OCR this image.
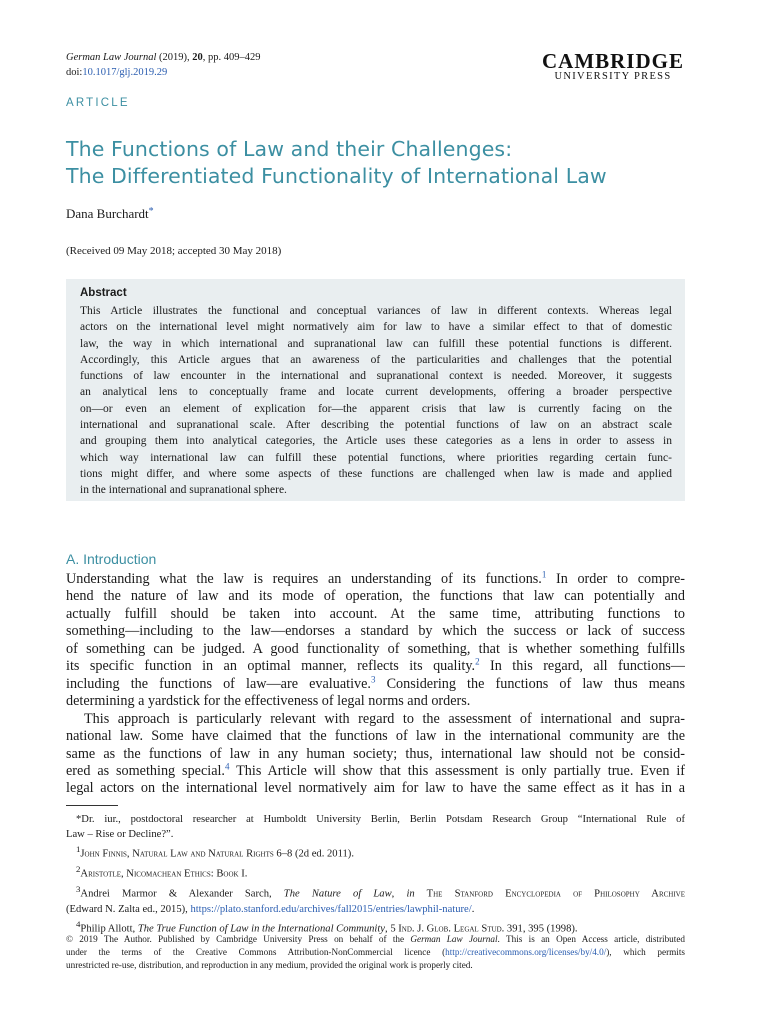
German Law Journal (2019), 20, pp. 409–429
doi:10.1017/glj.2019.29	CAMBRIDGE
UNIVERSITY PRESS
ARTICLE
The Functions of Law and their Challenges:
The Differentiated Functionality of International Law
Dana Burchardt*
(Received 09 May 2018; accepted 30 May 2018)
Abstract
This Article illustrates the functional and conceptual variances of law in different contexts. Whereas legal
actors on the international level might normatively aim for law to have a similar effect to that of domestic
law, the way in which international and supranational law can fulfill these potential functions is different.
Accordingly, this Article argues that an awareness of the particularities and challenges that the potential
functions of law encounter in the international and supranational context is needed. Moreover, it suggests
an analytical lens to conceptually frame and locate current developments, offering a broader perspective
on—or even an element of explication for—the apparent crisis that law is currently facing on the
international and supranational scale. After describing the potential functions of law on an abstract scale
and grouping them into analytical categories, the Article uses these categories as a lens in order to assess in
which way international law can fulfill these potential functions, where priorities regarding certain func-
tions might differ, and where some aspects of these functions are challenged when law is made and applied
in the international and supranational sphere.
A. Introduction
Understanding what the law is requires an understanding of its functions.$^1$ In order to compre-
hend the nature of law and its mode of operation, the functions that law can potentially and
actually fulfill should be taken into account. At the same time, attributing functions to
something—including to the law—endorses a standard by which the success or lack of success
of something can be judged. A good functionality of something, that is whether something fulfills
its specific function in an optimal manner, reflects its quality.$^2$ In this regard, all functions—
including the functions of law—are evaluative.$^3$ Considering the functions of law thus means
determining a yardstick for the effectiveness of legal norms and orders.
This approach is particularly relevant with regard to the assessment of international and supra-
national law. Some have claimed that the functions of law in the international community are the
same as the functions of law in any human society; thus, international law should not be consid-
ered as something special.$^4$ This Article will show that this assessment is only partially true. Even if
legal actors on the international level normatively aim for law to have the same effect as it has in a
*Dr. iur., postdoctoral researcher at Humboldt University Berlin, Berlin Potsdam Research Group “International Rule of
Law – Rise or Decline?”.
$^1$John Finnis, Natural Law and Natural Rights 6–8 (2d ed. 2011).
$^2$Aristotle, Nicomachean Ethics: Book I.
$^3$Andrei Marmor & Alexander Sarch, The Nature of Law, in The Stanford Encyclopedia of Philosophy Archive
(Edward N. Zalta ed., 2015), https://plato.stanford.edu/archives/fall2015/entries/lawphil-nature/.
$^4$Philip Allott, The True Function of Law in the International Community, 5 Ind. J. Glob. Legal Stud. 391, 395 (1998).
© 2019 The Author. Published by Cambridge University Press on behalf of the German Law Journal. This is an Open Access article, distributed
under the terms of the Creative Commons Attribution-NonCommercial licence (http://creativecommons.org/licenses/by/4.0/), which permits
unrestricted re-use, distribution, and reproduction in any medium, provided the original work is properly cited.
